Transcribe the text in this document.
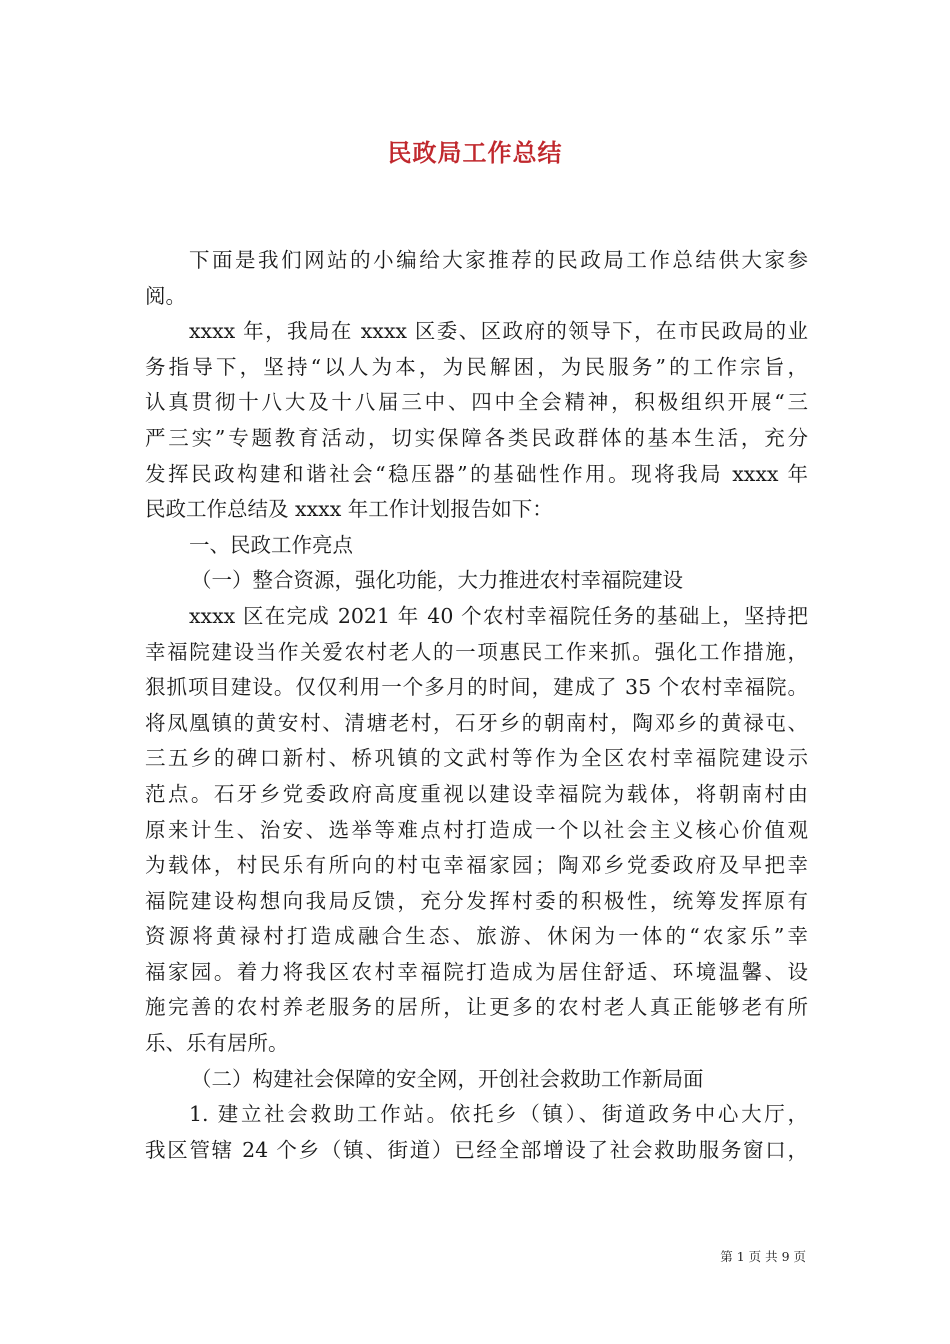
民政局工作总结
下面是我们网站的小编给大家推荐的民政局工作总结供大家参
阅。
xxxx 年，我局在 xxxx 区委、区政府的领导下，在市民政局的业
务指导下，坚持“以人为本，为民解困，为民服务”的工作宗旨，
认真贯彻十八大及十八届三中、四中全会精神，积极组织开展“三
严三实”专题教育活动，切实保障各类民政群体的基本生活，充分
发挥民政构建和谐社会“稳压器”的基础性作用。现将我局 xxxx 年
民政工作总结及 xxxx 年工作计划报告如下：
一、民政工作亮点
（一）整合资源，强化功能，大力推进农村幸福院建设
xxxx 区在完成 2021 年 40 个农村幸福院任务的基础上，坚持把
幸福院建设当作关爱农村老人的一项惠民工作来抓。强化工作措施，
狠抓项目建设。仅仅利用一个多月的时间，建成了 35 个农村幸福院。
将凤凰镇的黄安村、清塘老村，石牙乡的朝南村，陶邓乡的黄禄屯、
三五乡的碑口新村、桥巩镇的文武村等作为全区农村幸福院建设示
范点。石牙乡党委政府高度重视以建设幸福院为载体，将朝南村由
原来计生、治安、选举等难点村打造成一个以社会主义核心价值观
为载体，村民乐有所向的村屯幸福家园；陶邓乡党委政府及早把幸
福院建设构想向我局反馈，充分发挥村委的积极性，统筹发挥原有
资源将黄禄村打造成融合生态、旅游、休闲为一体的“农家乐”幸
福家园。着力将我区农村幸福院打造成为居住舒适、环境温馨、设
施完善的农村养老服务的居所，让更多的农村老人真正能够老有所
乐、乐有居所。
（二）构建社会保障的安全网，开创社会救助工作新局面
1. 建立社会救助工作站。依托乡（镇）、街道政务中心大厅，
我区管辖 24 个乡（镇、街道）已经全部增设了社会救助服务窗口，
第 1 页 共 9 页
